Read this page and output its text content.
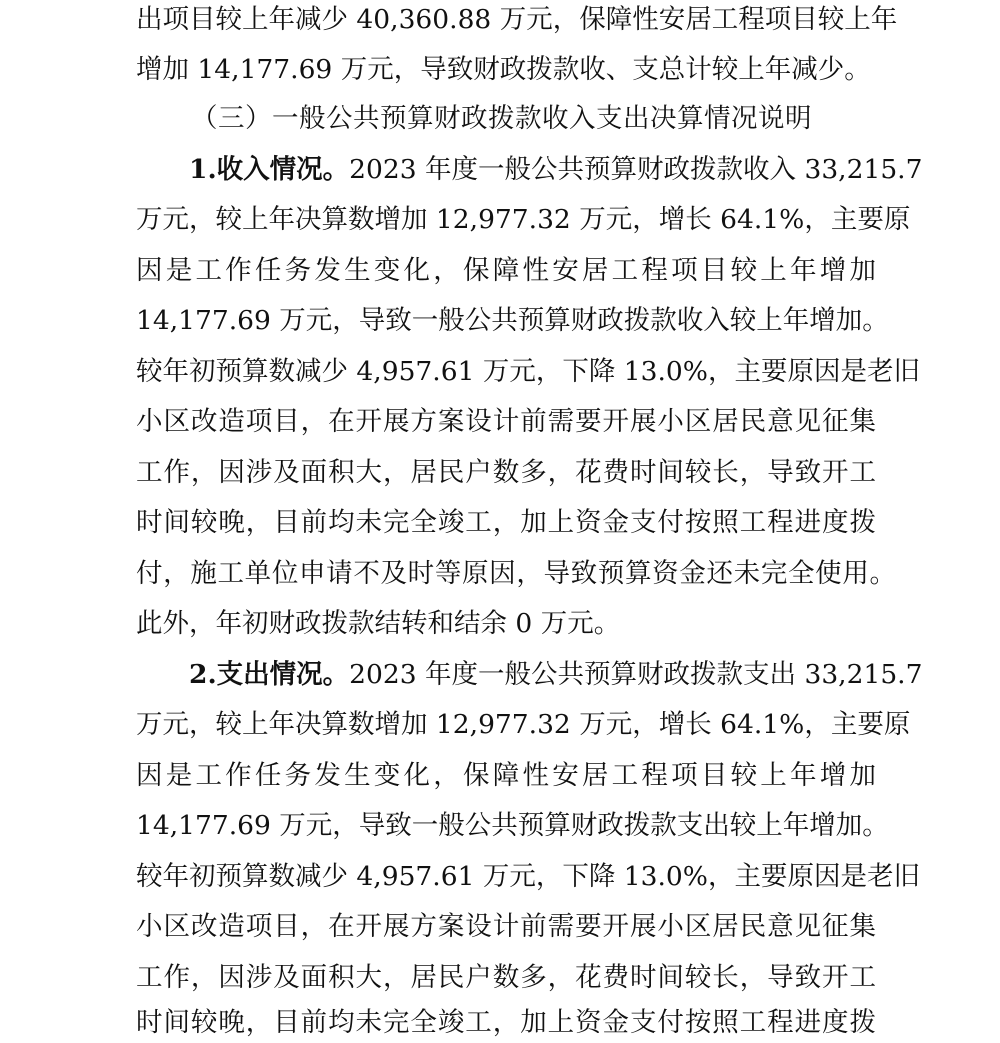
出项目较上年减少 40,360.88 万元，保障性安居工程项目较上年
增加 14,177.69 万元，导致财政拨款收、支总计较上年减少。
（三）一般公共预算财政拨款收入支出决算情况说明
1.收入情况。2023 年度一般公共预算财政拨款收入 33,215.7
万元，较上年决算数增加 12,977.32 万元，增长 64.1%，主要原
因是工作任务发生变化，保障性安居工程项目较上年增加
14,177.69 万元，导致一般公共预算财政拨款收入较上年增加。
较年初预算数减少 4,957.61 万元，下降 13.0%，主要原因是老旧
小区改造项目，在开展方案设计前需要开展小区居民意见征集
工作，因涉及面积大，居民户数多，花费时间较长，导致开工
时间较晚，目前均未完全竣工，加上资金支付按照工程进度拨
付，施工单位申请不及时等原因，导致预算资金还未完全使用。
此外，年初财政拨款结转和结余 0 万元。
2.支出情况。2023 年度一般公共预算财政拨款支出 33,215.7
万元，较上年决算数增加 12,977.32 万元，增长 64.1%，主要原
因是工作任务发生变化，保障性安居工程项目较上年增加
14,177.69 万元，导致一般公共预算财政拨款支出较上年增加。
较年初预算数减少 4,957.61 万元，下降 13.0%，主要原因是老旧
小区改造项目，在开展方案设计前需要开展小区居民意见征集
工作，因涉及面积大，居民户数多，花费时间较长，导致开工
时间较晚，目前均未完全竣工，加上资金支付按照工程进度拨
